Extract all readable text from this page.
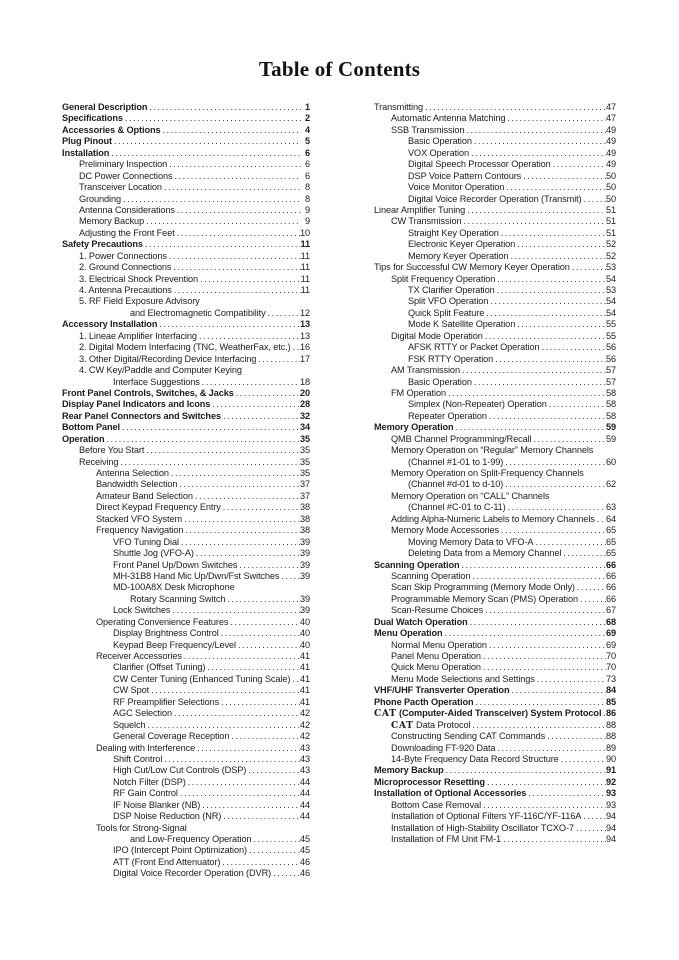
Table of Contents
General Description .....	1
Specifications .....	2
Accessories & Options .....	4
Plug Pinout .....	5
Installation .....	6
Preliminary Inspection .....	6
DC Power Connections .....	6
Transceiver Location .....	8
Grounding .....	8
Antenna Considerations .....	9
Memory Backup .....	9
Adjusting the Front Feet .....	10
Safety Precautions .....	11
1. Power Connections .....	11
2. Ground Connections .....	11
3. Electrical Shock Prevention .....	11
4. Antenna Precautions .....	11
5. RF Field Exposure Advisory
and Electromagnetic Compatibility .....	12
Accessory Installation .....	13
1. Lineae Amplifier Interfacing .....	13
2. Digital Modem Interfacing (TNC, WeatherFax, etc.) ..... 16
3. Other Digital/Recording Device Interfacing .....	17
4. CW Key/Paddle and Computer Keying
Interface Suggestions .....	18
Front Panel Controls, Switches, & Jacks .....	20
Display Panel Indicators and Icons .....	28
Rear Panel Connectors and Switches .....	32
Bottom Panel .....	34
Operation .....	35
Before You Start .....	35
Receiving .....	35
Antenna Selection .....	35
Bandwidth Selection .....	37
Amateur Band Selection .....	37
Direct Keypad Frequency Entry .....	38
Stacked VFO System .....	38
Frequency Navigation .....	38
VFO Tuning Dial .....	39
Shuttle Jog (VFO-A) .....	39
Front Panel Up/Down Switches .....	39
MH-31B8 Hand Mic Up/Dwn/Fst Switches ..... 39
MD-100A8X Desk Microphone
Rotary Scanning Switch .....	39
Lock Switches .....	39
Operating Convenience Features .....	40
Display Brightness Control .....	40
Keypad Beep Frequency/Level .....	40
Receiver Accessories .....	41
Clarifier (Offset Tuning) .....	41
CW Center Tuning (Enhanced Tuning Scale) ..... 41
CW Spot .....	41
RF Preamplifier Selections .....	41
AGC Selection .....	42
Squelch .....	42
General Coverage Reception .....	42
Dealing with Interference .....	43
Shift Control .....	43
High Cut/Low Cut Controls (DSP) .....	43
Notch Filter (DSP) .....	44
RF Gain Control .....	44
IF Noise Blanker (NB) .....	44
DSP Noise Reduction (NR) .....	44
Tools for Strong-Signal
and Low-Frequency Operation .....	45
IPO (Intercept Point Optimization) .....	45
ATT (Front End Attenuator) .....	46
Digital Voice Recorder Operation (DVR) .....	46
Transmitting .....	47
Automatic Antenna Matching .....	47
SSB Transmission .....	49
Basic Operation .....	49
VOX Operation .....	49
Digital Speech Processor Operation .....	49
DSP Voice Pattern Contours .....	50
Voice Monitor Operation .....	50
Digital Voice Recorder Operation (Transmit) .....	50
Linear Amplifier Tuning .....	51
CW Transmission .....	51
Straight Key Operation .....	51
Electronic Keyer Operation .....	52
Memory Keyer Operation .....	52
Tips for Successful CW Memory Keyer Operation .....	53
Split Frequency Operation .....	54
TX Clarifier Operation .....	53
Split VFO Operation .....	54
Quick Split Feature .....	54
Mode K Satellite Operation .....	55
Digital Mode Operation .....	55
AFSK RTTY or Packet Operation .....	56
FSK RTTY Operation .....	56
AM Transmission .....	57
Basic Operation .....	57
FM Operation .....	58
Simplex (Non-Repeater) Operation .....	58
Repeater Operation .....	58
Memory Operation .....	59
QMB Channel Programming/Recall .....	59
Memory Operation on “Regular” Memory Channels
(Channel #1-01 to 1-99) .....	60
Memory Operation on Split-Frequency Channels
(Channel #d-01 to d-10) .....	62
Memory Operation on “CALL” Channels
(Channel #C-01 to C-11) .....	63
Adding Alpha-Numeric Labels to Memory Channels ..... 64
Memory Mode Accessories .....	65
Moving Memory Data to VFO-A .....	65
Deleting Data from a Memory Channel .....	65
Scanning Operation .....	66
Scanning Operation .....	66
Scan Skip Programming (Memory Mode Only) .....	66
Programmable Memory Scan (PMS) Operation .....	66
Scan-Resume Choices .....	67
Dual Watch Operation .....	68
Menu Operation .....	69
Normal Menu Operation .....	69
Panel Menu Operation .....	70
Quick Menu Operation .....	70
Menu Mode Selections and Settings .....	73
VHF/UHF Transverter Operation .....	84
Phone Pacth Operation .....	85
CAT (Computer-Aided Transceiver) System Protocol ..... 86
CAT Data Protocol .....	88
Constructing Sending CAT Commands .....	88
Downloading FT-920 Data .....	89
14-Byte Frequency Data Record Structure .....	90
Memory Backup .....	91
Microprocessor Resetting .....	92
Installation of Optional Accessories .....	93
Bottom Case Removal .....	93
Installation of Optional Filters YF-116C/YF-116A .....	94
Installation of High-Stability Oscillator TCXO-7 .....	94
Installation of FM Unit FM-1 .....	94
